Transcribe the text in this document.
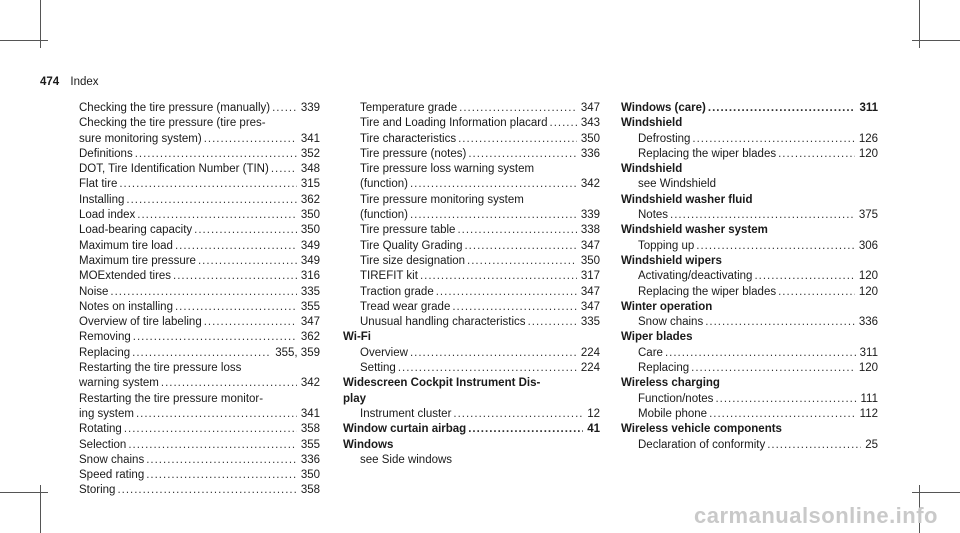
474 Index
Checking the tire pressure (manually) .....	339
Checking the tire pressure (tire pres-
sure monitoring system) .....	341
Definitions .....	352
DOT, Tire Identification Number (TIN) .....	348
Flat tire .....	315
Installing .....	362
Load index .....	350
Load-bearing capacity .....	350
Maximum tire load .....	349
Maximum tire pressure .....	349
MOExtended tires .....	316
Noise .....	335
Notes on installing .....	355
Overview of tire labeling .....	347
Removing .....	362
Replacing .....	355, 359
Restarting the tire pressure loss
warning system .....	342
Restarting the tire pressure monitor-
ing system .....	341
Rotating .....	358
Selection .....	355
Snow chains .....	336
Speed rating .....	350
Storing .....	358
Temperature grade .....	347
Tire and Loading Information placard .....	343
Tire characteristics .....	350
Tire pressure (notes) .....	336
Tire pressure loss warning system
(function) .....	342
Tire pressure monitoring system
(function) .....	339
Tire pressure table .....	338
Tire Quality Grading .....	347
Tire size designation .....	350
TIREFIT kit .....	317
Traction grade .....	347
Tread wear grade .....	347
Unusual handling characteristics .....	335
Wi-Fi
Overview .....	224
Setting .....	224
Widescreen Cockpit Instrument Dis-
play
Instrument cluster .....	12
Window curtain airbag .....	41
Windows
see Side windows
Windows (care) .....	311
Windshield
Defrosting .....	126
Replacing the wiper blades .....	120
Windshield
see Windshield
Windshield washer fluid
Notes .....	375
Windshield washer system
Topping up .....	306
Windshield wipers
Activating/deactivating .....	120
Replacing the wiper blades .....	120
Winter operation
Snow chains .....	336
Wiper blades
Care .....	311
Replacing .....	120
Wireless charging
Function/notes .....	111
Mobile phone .....	112
Wireless vehicle components
Declaration of conformity .....	25
carmanualsonline.info
